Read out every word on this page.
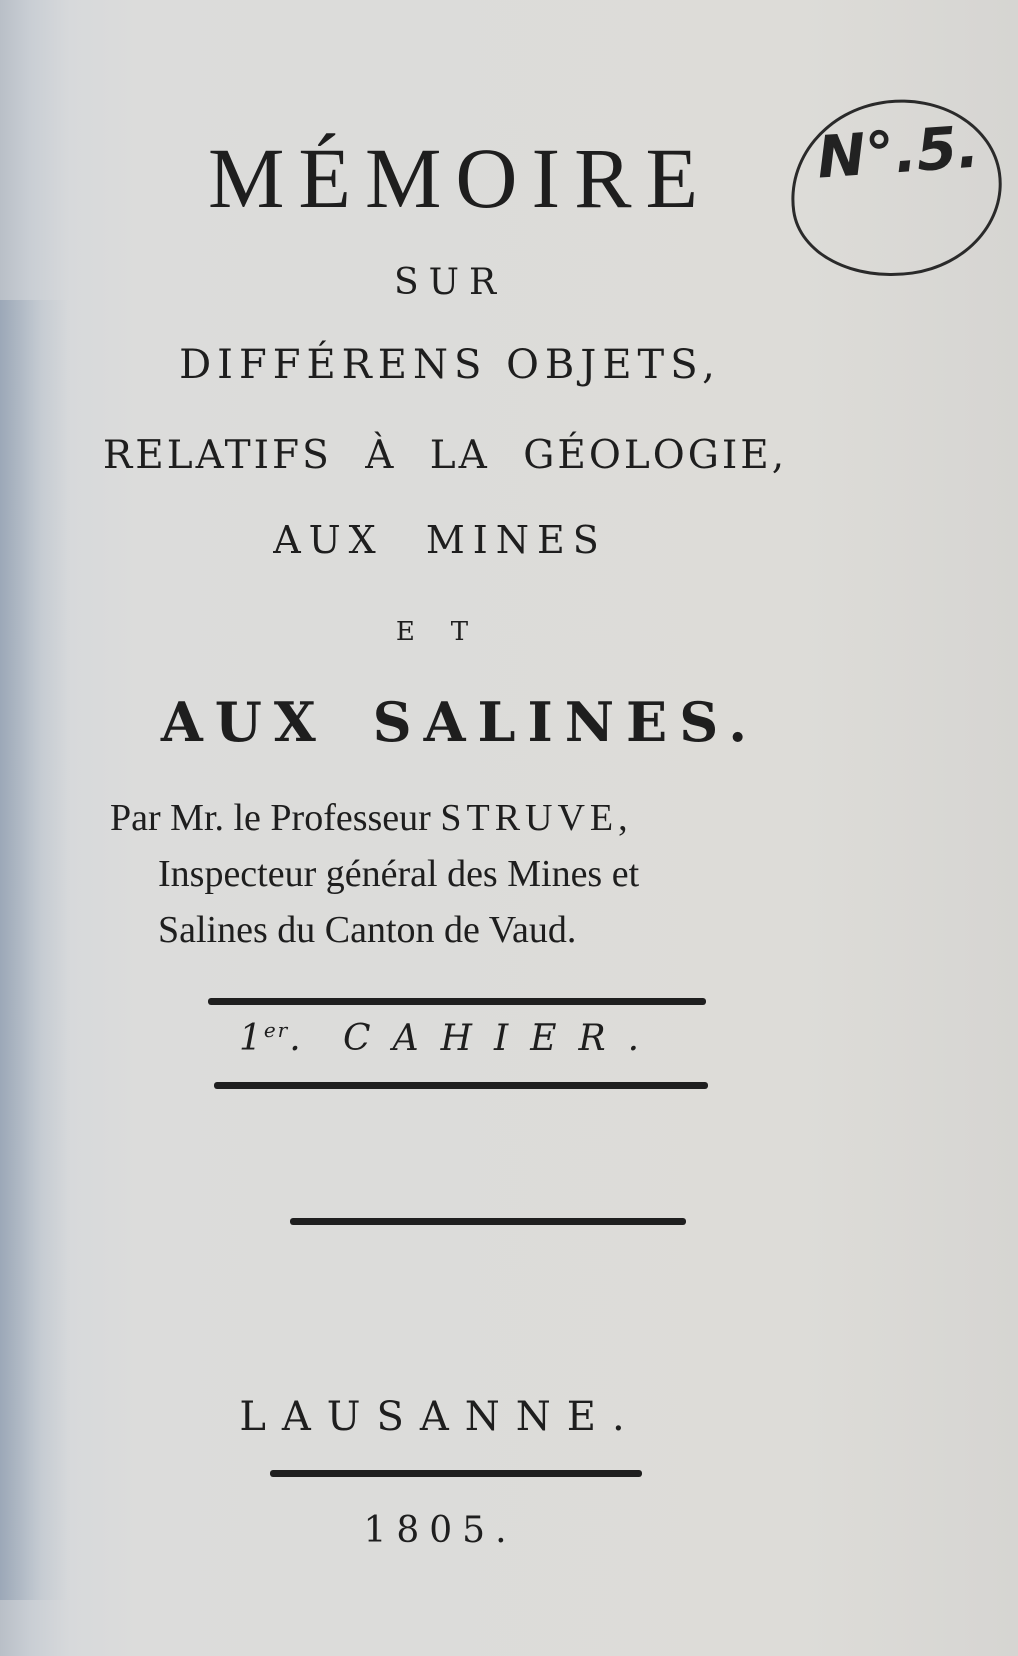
N°.5.
MÉMOIRE
SUR
DIFFÉRENS OBJETS,
RELATIFS À LA GÉOLOGIE,
AUX MINES
ET
AUX SALINES.
Par Mr. le Professeur STRUVE,
Inspecteur général des Mines et
Salines du Canton de Vaud.
1er. CAHIER.
LAUSANNE.
1805.
